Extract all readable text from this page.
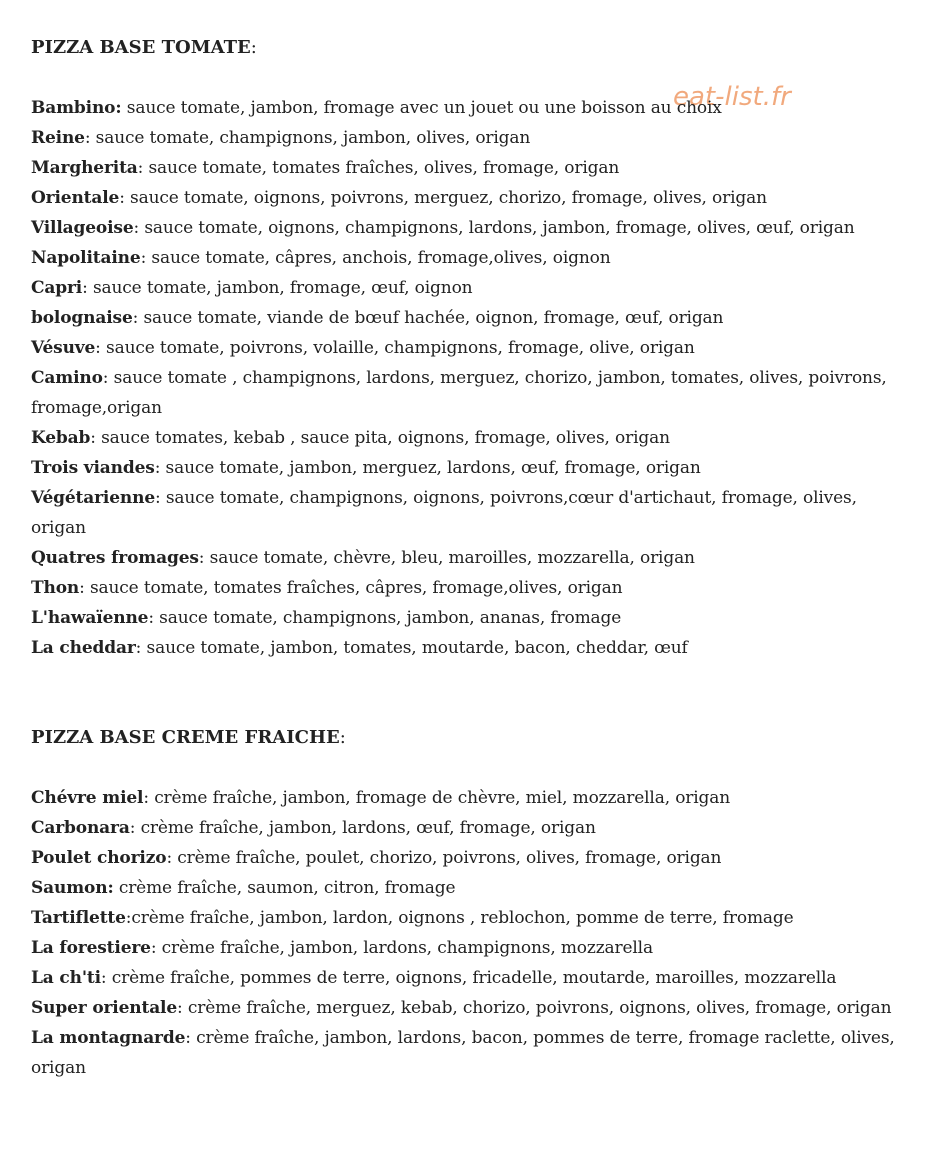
eat-list.fr
PIZZA BASE TOMATE:
Bambino: sauce tomate, jambon, fromage avec un jouet ou une boisson au choix
Reine: sauce tomate, champignons, jambon, olives, origan
Margherita: sauce tomate, tomates fraîches, olives, fromage, origan
Orientale: sauce tomate, oignons, poivrons, merguez, chorizo, fromage, olives, origan
Villageoise: sauce tomate, oignons, champignons, lardons, jambon, fromage, olives, œuf, origan
Napolitaine: sauce tomate, câpres, anchois, fromage,olives, oignon
Capri: sauce tomate, jambon, fromage, œuf, oignon
bolognaise: sauce tomate, viande de bœuf hachée, oignon, fromage, œuf, origan
Vésuve: sauce tomate, poivrons, volaille, champignons, fromage, olive, origan
Camino: sauce tomate , champignons, lardons, merguez, chorizo, jambon, tomates, olives, poivrons, fromage,origan
Kebab: sauce tomates, kebab , sauce pita, oignons, fromage, olives, origan
Trois viandes: sauce tomate, jambon, merguez, lardons, œuf, fromage, origan
Végétarienne: sauce tomate, champignons, oignons, poivrons,cœur d'artichaut, fromage, olives, origan
Quatres fromages: sauce tomate, chèvre, bleu, maroilles, mozzarella, origan
Thon: sauce tomate, tomates fraîches, câpres, fromage,olives, origan
L'hawaïenne: sauce tomate, champignons, jambon, ananas, fromage
La cheddar: sauce tomate, jambon, tomates, moutarde, bacon, cheddar, œuf
PIZZA BASE CREME FRAICHE:
Chévre miel: crème fraîche, jambon, fromage de chèvre, miel, mozzarella, origan
Carbonara: crème fraîche, jambon, lardons, œuf, fromage, origan
Poulet chorizo: crème fraîche, poulet, chorizo, poivrons, olives, fromage, origan
Saumon: crème fraîche, saumon, citron, fromage
Tartiflette:crème fraîche, jambon, lardon, oignons , reblochon, pomme de terre, fromage
La forestiere: crème fraîche, jambon, lardons, champignons, mozzarella
La ch'ti: crème fraîche, pommes de terre, oignons, fricadelle, moutarde, maroilles, mozzarella
Super orientale: crème fraîche, merguez, kebab, chorizo, poivrons, oignons, olives, fromage, origan
La montagnarde: crème fraîche, jambon, lardons, bacon, pommes de terre, fromage raclette, olives, origan
